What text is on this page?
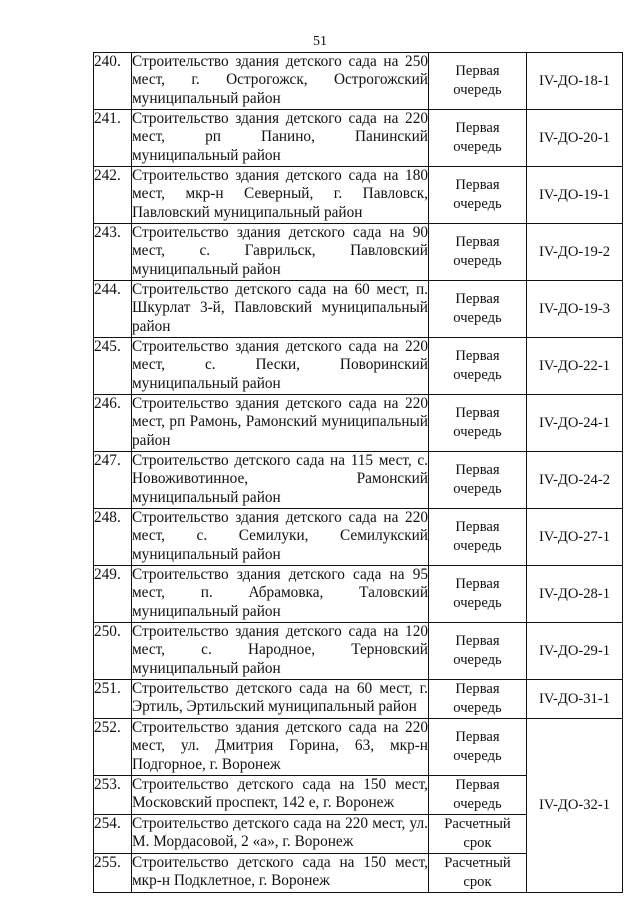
51
240.	Строительство здания детского сада на 250 мест, г. Острогожск, Острогожский муниципальный район	Первая
очередь	IV-ДО-18-1
241.	Строительство здания детского сада на 220 мест, рп Панино, Панинский муниципальный район	Первая
очередь	IV-ДО-20-1
242.	Строительство здания детского сада на 180 мест, мкр-н Северный, г. Павловск, Павловский муниципальный район	Первая
очередь	IV-ДО-19-1
243.	Строительство здания детского сада на 90 мест, с. Гаврильск, Павловский муниципальный район	Первая
очередь	IV-ДО-19-2
244.	Строительство детского сада на 60 мест, п. Шкурлат 3-й, Павловский муниципальный район	Первая
очередь	IV-ДО-19-3
245.	Строительство здания детского сада на 220 мест, с. Пески, Поворинский муниципальный район	Первая
очередь	IV-ДО-22-1
246.	Строительство здания детского сада на 220 мест, рп Рамонь, Рамонский муниципальный район	Первая
очередь	IV-ДО-24-1
247.	Строительство детского сада на 115 мест, с. Новоживотинное, Рамонский муниципальный район	Первая
очередь	IV-ДО-24-2
248.	Строительство здания детского сада на 220 мест, с. Семилуки, Семилукский муниципальный район	Первая
очередь	IV-ДО-27-1
249.	Строительство здания детского сада на 95 мест, п. Абрамовка, Таловский муниципальный район	Первая
очередь	IV-ДО-28-1
250.	Строительство здания детского сада на 120 мест, с. Народное, Терновский муниципальный район	Первая
очередь	IV-ДО-29-1
251.	Строительство детского сада на 60 мест, г. Эртиль, Эртильский муниципальный район	Первая
очередь	IV-ДО-31-1
252.	Строительство здания детского сада на 220 мест, ул. Дмитрия Горина, 63, мкр-н Подгорное, г. Воронеж	Первая
очередь	IV-ДО-32-1
253.	Строительство детского сада на 150 мест, Московский проспект, 142 е, г. Воронеж	Первая
очередь	
254.	Строительство детского сада на 220 мест, ул. М. Мордасовой, 2 «а», г. Воронеж	Расчетный
срок	
255.	Строительство детского сада на 150 мест, мкр-н Подклетное, г. Воронеж	Расчетный
срок	
